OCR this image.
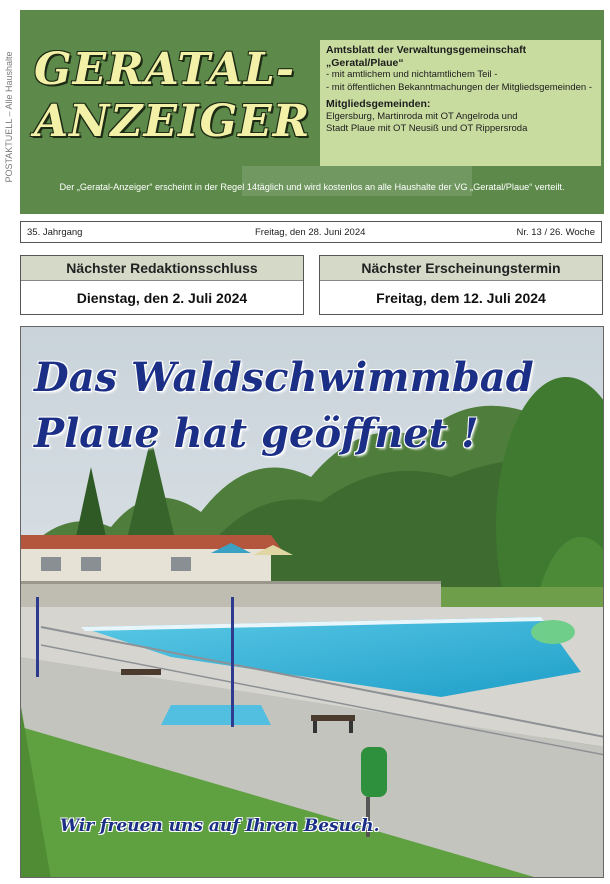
POSTAKTUELL – Alle Haushalte GERATAL-
ANZEIGER
Amtsblatt der Verwaltungsgemeinschaft
„Geratal/Plaue“
- mit amtlichem und nichtamtlichem Teil -
- mit öffentlichen Bekanntmachungen der Mitgliedsgemeinden -
Mitgliedsgemeinden:
Elgersburg, Martinroda mit OT Angelroda und
Stadt Plaue mit OT Neusiß und OT Rippersroda
Der „Geratal-Anzeiger“ erscheint in der Regel 14täglich und wird kostenlos an alle Haushalte der VG „Geratal/Plaue“ verteilt.
35. Jahrgang	Freitag, den 28. Juni 2024	Nr. 13 / 26. Woche
Nächster Redaktionsschluss
Dienstag, den 2. Juli 2024
Nächster Erscheinungstermin
Freitag, dem 12. Juli 2024
Das Waldschwimmbad
Plaue hat geöffnet !
Wir freuen uns auf Ihren Besuch.
